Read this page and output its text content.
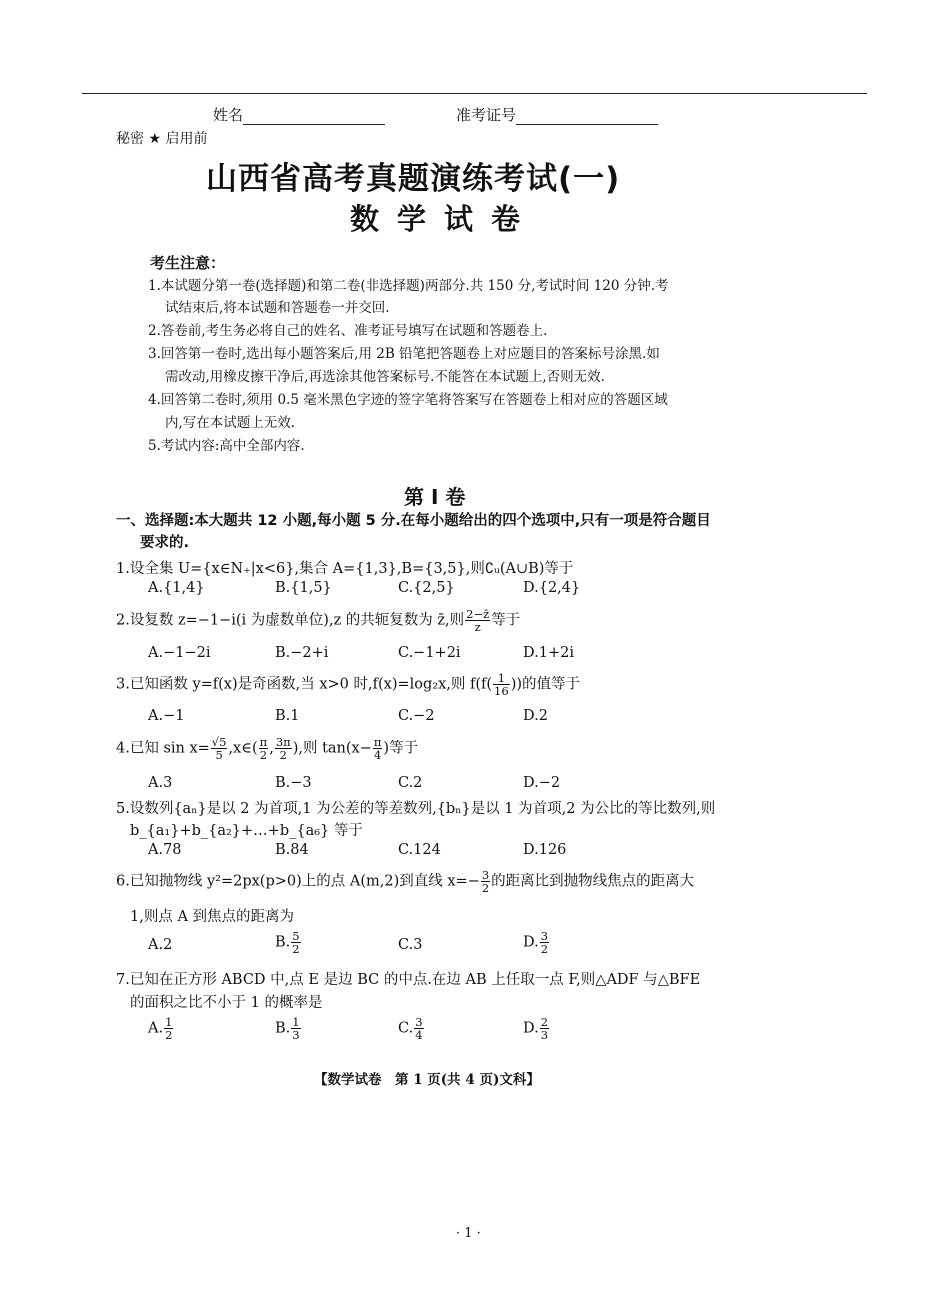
姓名	准考证号
秘密 ★ 启用前
山西省高考真题演练考试(一)
数学试卷
考生注意：
1.本试题分第一卷(选择题)和第二卷(非选择题)两部分.共 150 分,考试时间 120 分钟.考
试结束后,将本试题和答题卷一并交回.
2.答卷前,考生务必将自己的姓名、准考证号填写在试题和答题卷上.
3.回答第一卷时,选出每小题答案后,用 2B 铅笔把答题卷上对应题目的答案标号涂黑.如
需改动,用橡皮擦干净后,再选涂其他答案标号.不能答在本试题上,否则无效.
4.回答第二卷时,须用 0.5 毫米黑色字迹的签字笔将答案写在答题卷上相对应的答题区域
内,写在本试题上无效.
5.考试内容:高中全部内容.
第 Ⅰ 卷
一、选择题:本大题共 12 小题,每小题 5 分.在每小题给出的四个选项中,只有一项是符合题目
要求的.
1.设全集 U={x∈N₊|x<6},集合 A={1,3},B={3,5},则∁ᵤ(A∪B)等于
A.{1,4}	B.{1,5}	C.{2,5}	D.{2,4}
2.设复数 z=−1−i(i 为虚数单位),z 的共轭复数为 z̄,则 $\frac{2-z̄}{z}$ 等于
A.−1−2i	B.−2+i	C.−1+2i	D.1+2i
3.已知函数 y=f(x)是奇函数,当 x>0 时,f(x)=log₂x,则 $f(f( \frac{1}{16}$ ))的值等于
A.−1	B.1	C.−2	D.2
4.已知 $\sin x= \frac{√5}{5}$ ,x∈( $\frac{\pi}{2}$ , $\frac{3\pi}{2}$ ),则 $\tan(x- \frac{\pi}{4}$ )等于
A.3	B.−3	C.2	D.−2
5.设数列{aₙ}是以 2 为首项,1 为公差的等差数列,{bₙ}是以 1 为首项,2 为公比的等比数列,则
b_{a₁}+b_{a₂}+…+b_{a₆} 等于
A.78	B.84	C.124	D.126
6.已知抛物线 y²=2px(p>0)上的点 A(m,2)到直线 $x=- \frac{3}{2}$ 的距离比到抛物线焦点的距离大
1,则点 A 到焦点的距离为
A.2	B. $\frac{5}{2}$	C.3	D. $\frac{3}{2}$
7.已知在正方形 ABCD 中,点 E 是边 BC 的中点.在边 AB 上任取一点 F,则△ADF 与△BFE
的面积之比不小于 1 的概率是
A. $\frac{1}{2}$	B. $\frac{1}{3}$	C. $\frac{3}{4}$	D. $\frac{2}{3}$
【数学试卷　第 1 页(共 4 页)文科】
· 1 ·
